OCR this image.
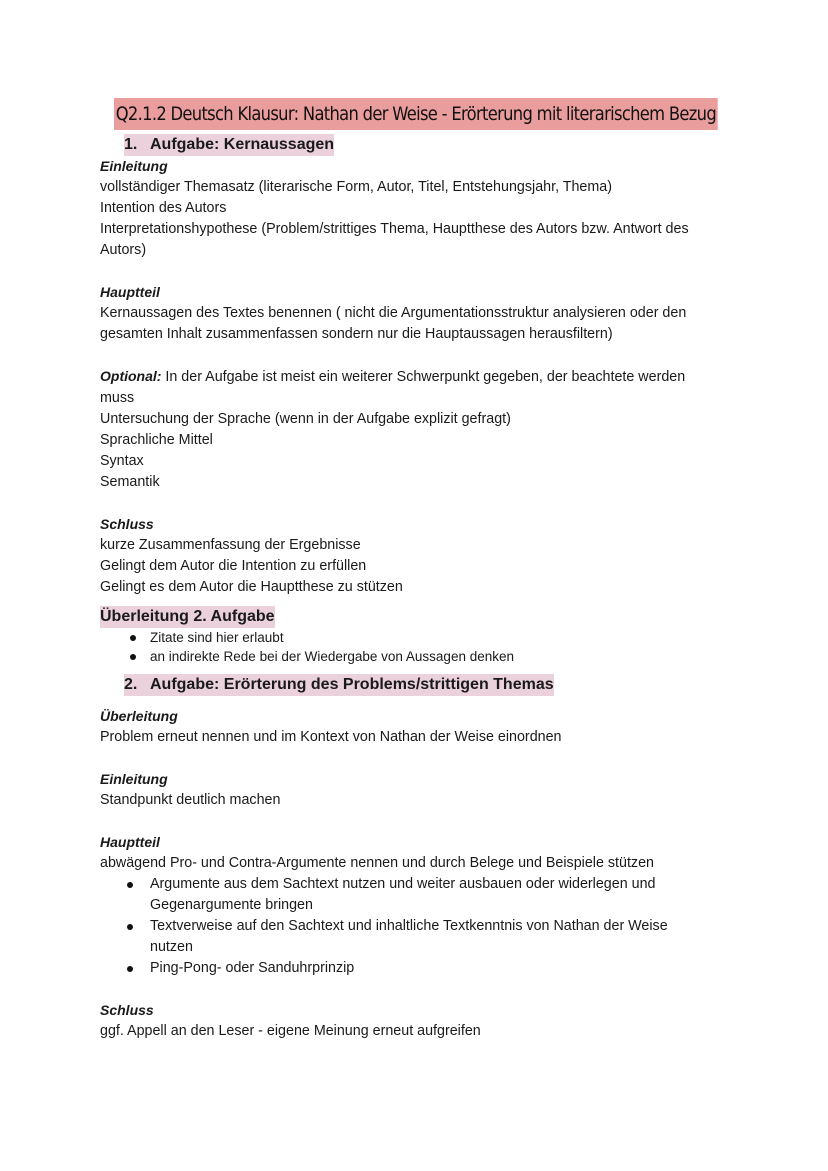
Q2.1.2 Deutsch Klausur: Nathan der Weise - Erörterung mit literarischem Bezug
1. Aufgabe: Kernaussagen
Einleitung
vollständiger Themasatz (literarische Form, Autor, Titel, Entstehungsjahr, Thema)
Intention des Autors
Interpretationshypothese (Problem/strittiges Thema, Hauptthese des Autors bzw. Antwort des Autors)
Hauptteil
Kernaussagen des Textes benennen ( nicht die Argumentationsstruktur analysieren oder den gesamten Inhalt zusammenfassen sondern nur die Hauptaussagen herausfiltern)
Optional: In der Aufgabe ist meist ein weiterer Schwerpunkt gegeben, der beachtete werden muss
Untersuchung der Sprache (wenn in der Aufgabe explizit gefragt)
Sprachliche Mittel
Syntax
Semantik
Schluss
kurze Zusammenfassung der Ergebnisse
Gelingt dem Autor die Intention zu erfüllen
Gelingt es dem Autor die Hauptthese zu stützen
Überleitung 2. Aufgabe
Zitate sind hier erlaubt
an indirekte Rede bei der Wiedergabe von Aussagen denken
2. Aufgabe: Erörterung des Problems/strittigen Themas
Überleitung
Problem erneut nennen und im Kontext von Nathan der Weise einordnen
Einleitung
Standpunkt deutlich machen
Hauptteil
abwägend Pro- und Contra-Argumente nennen und durch Belege und Beispiele stützen
Argumente aus dem Sachtext nutzen und weiter ausbauen oder widerlegen und Gegenargumente bringen
Textverweise auf den Sachtext und inhaltliche Textkenntnis von Nathan der Weise nutzen
Ping-Pong- oder Sanduhrprinzip
Schluss
ggf. Appell an den Leser - eigene Meinung erneut aufgreifen
